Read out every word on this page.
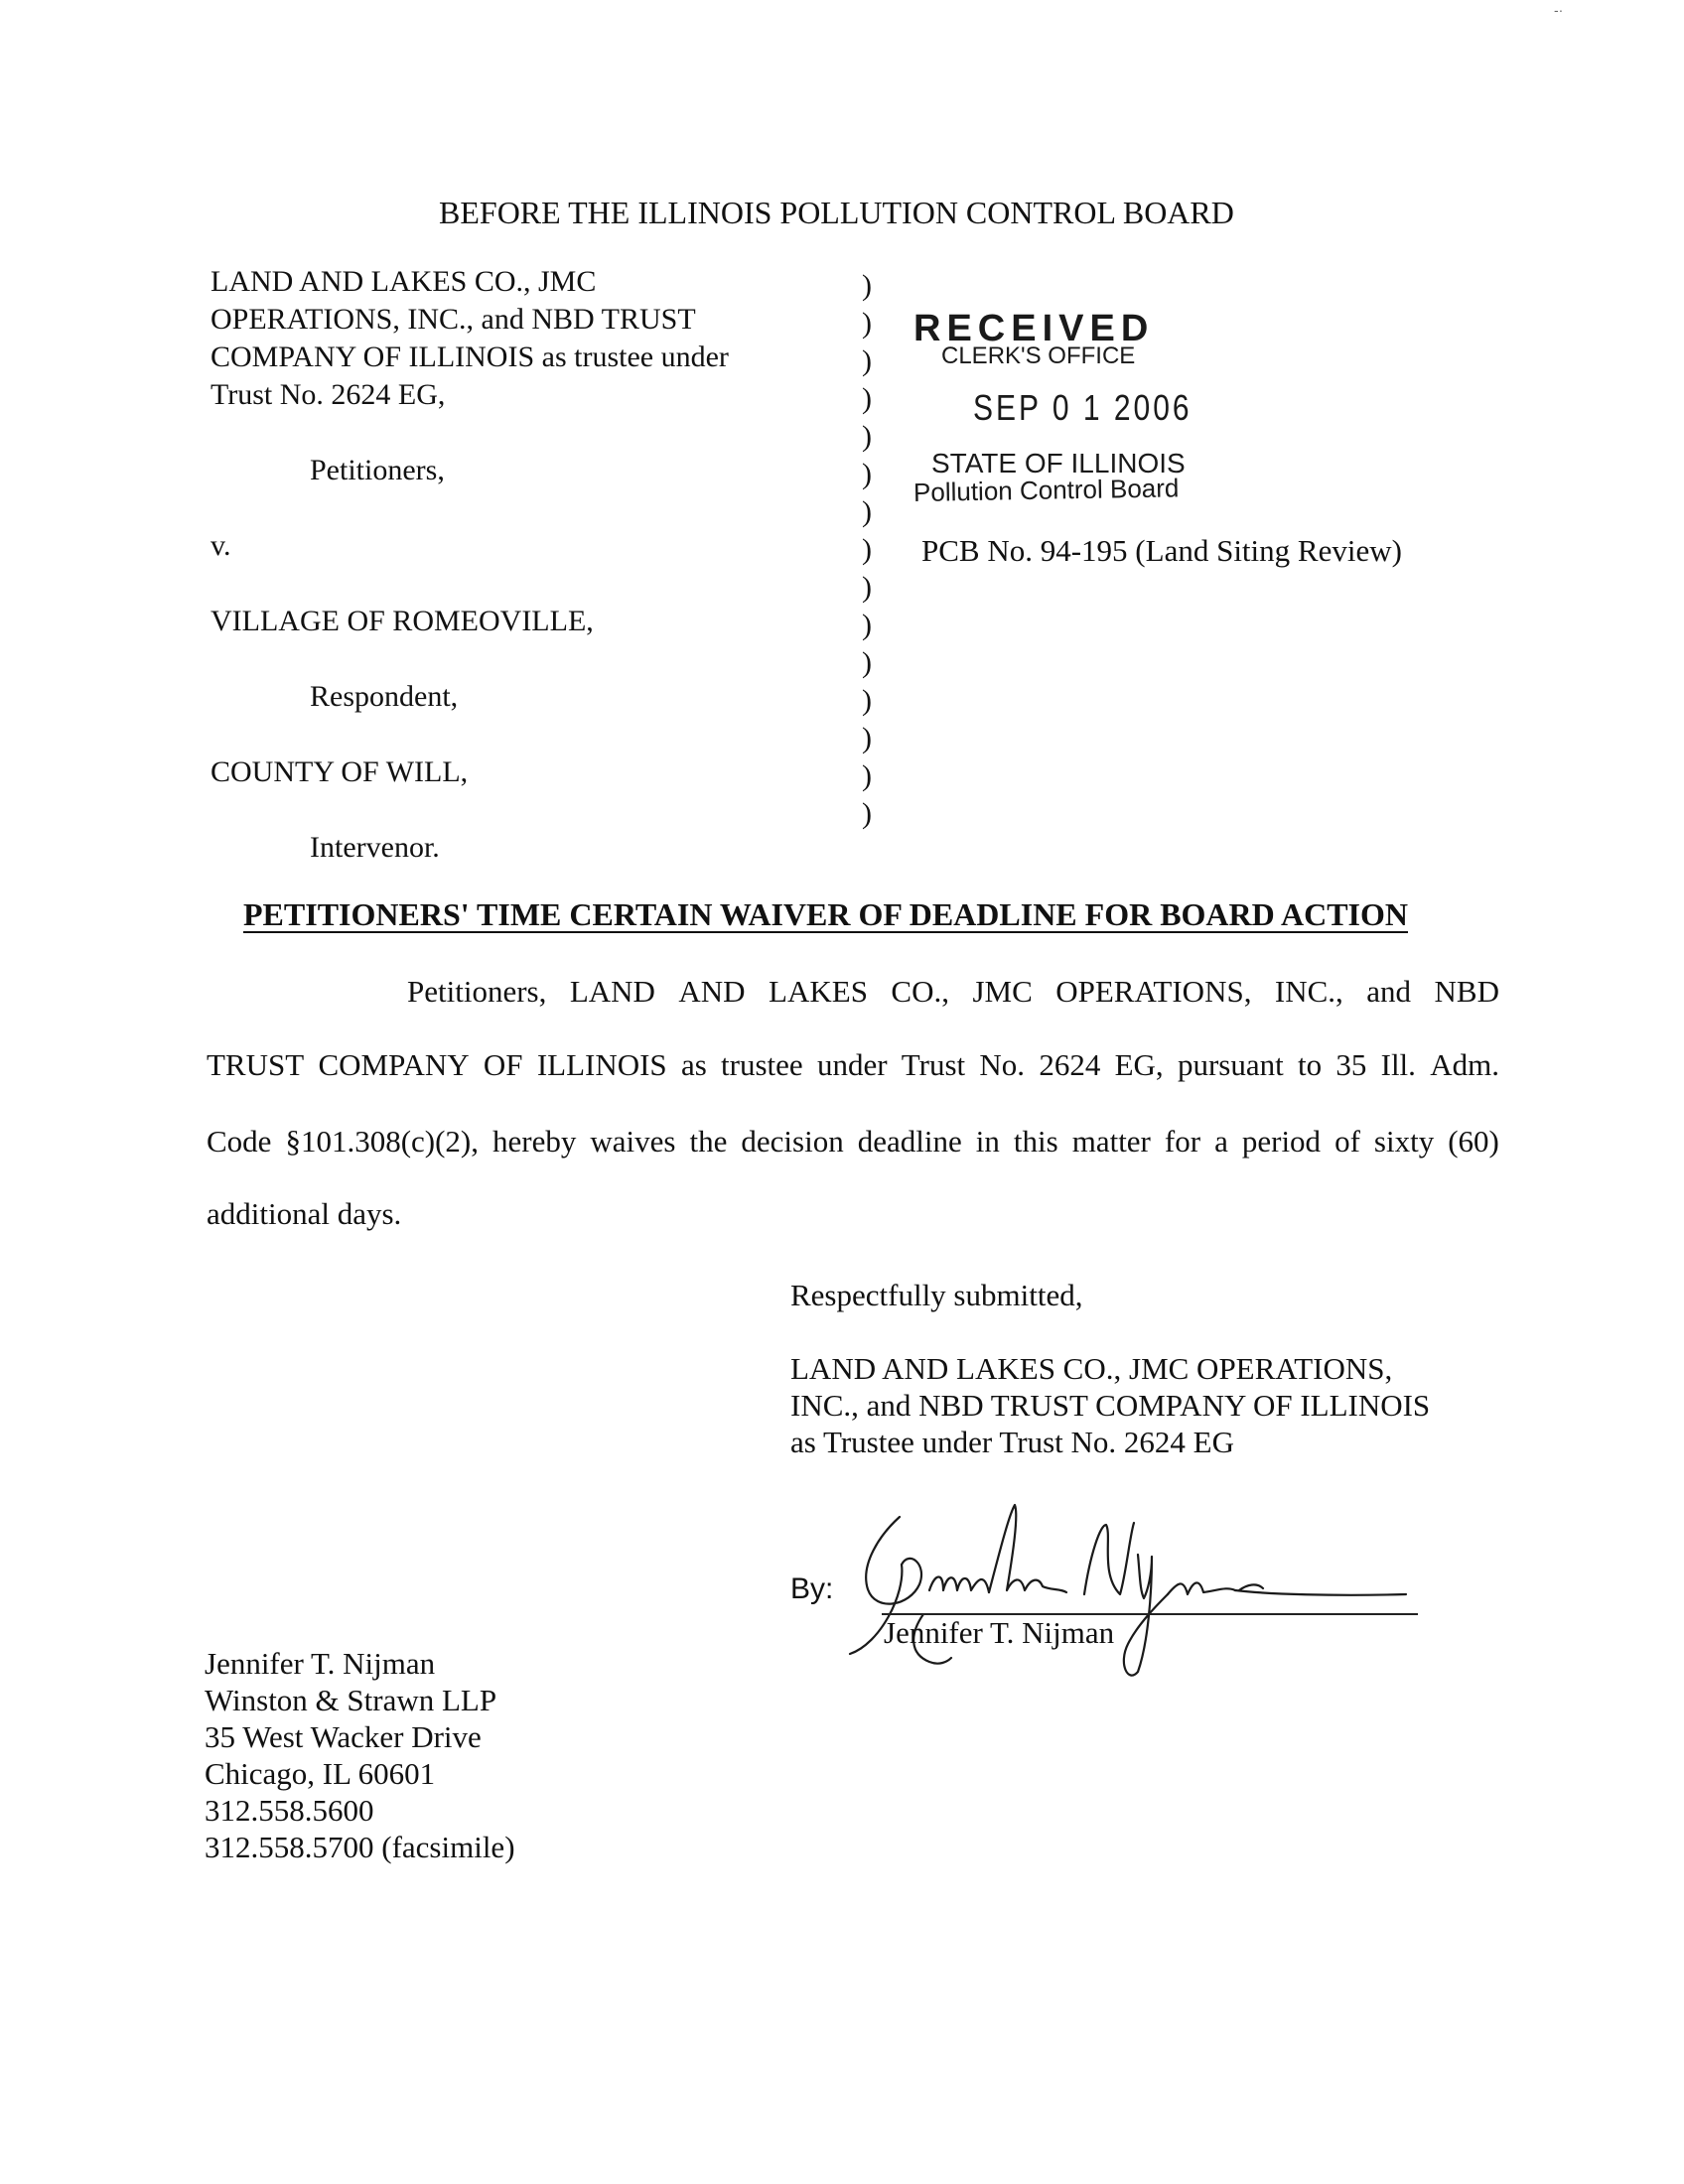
-·
BEFORE THE ILLINOIS POLLUTION CONTROL BOARD
LAND AND LAKES CO., JMC
OPERATIONS, INC., and NBD TRUST
COMPANY OF ILLINOIS as trustee under
Trust No. 2624 EG,
Petitioners,
v.
VILLAGE OF ROMEOVILLE,
Respondent,
COUNTY OF WILL,
Intervenor.
)
)
)
)
)
)
)
)
)
)
)
)
)
)
)
RECEIVED
CLERK'S OFFICE
SEP 0 1 2006
STATE OF ILLINOIS
Pollution Control Board
PCB No. 94-195 (Land Siting Review)
PETITIONERS' TIME CERTAIN WAIVER OF DEADLINE FOR BOARD ACTION
Petitioners, LAND AND LAKES CO., JMC OPERATIONS, INC., and NBD
TRUST COMPANY OF ILLINOIS as trustee under Trust No. 2624 EG, pursuant to 35 Ill. Adm.
Code §101.308(c)(2), hereby waives the decision deadline in this matter for a period of sixty (60)
additional days.
Respectfully submitted,
LAND AND LAKES CO., JMC OPERATIONS,
INC., and NBD TRUST COMPANY OF ILLINOIS
as Trustee under Trust No. 2624 EG
By:
Jennifer T. Nijman
Jennifer T. Nijman
Winston & Strawn LLP
35 West Wacker Drive
Chicago, IL 60601
312.558.5600
312.558.5700 (facsimile)
